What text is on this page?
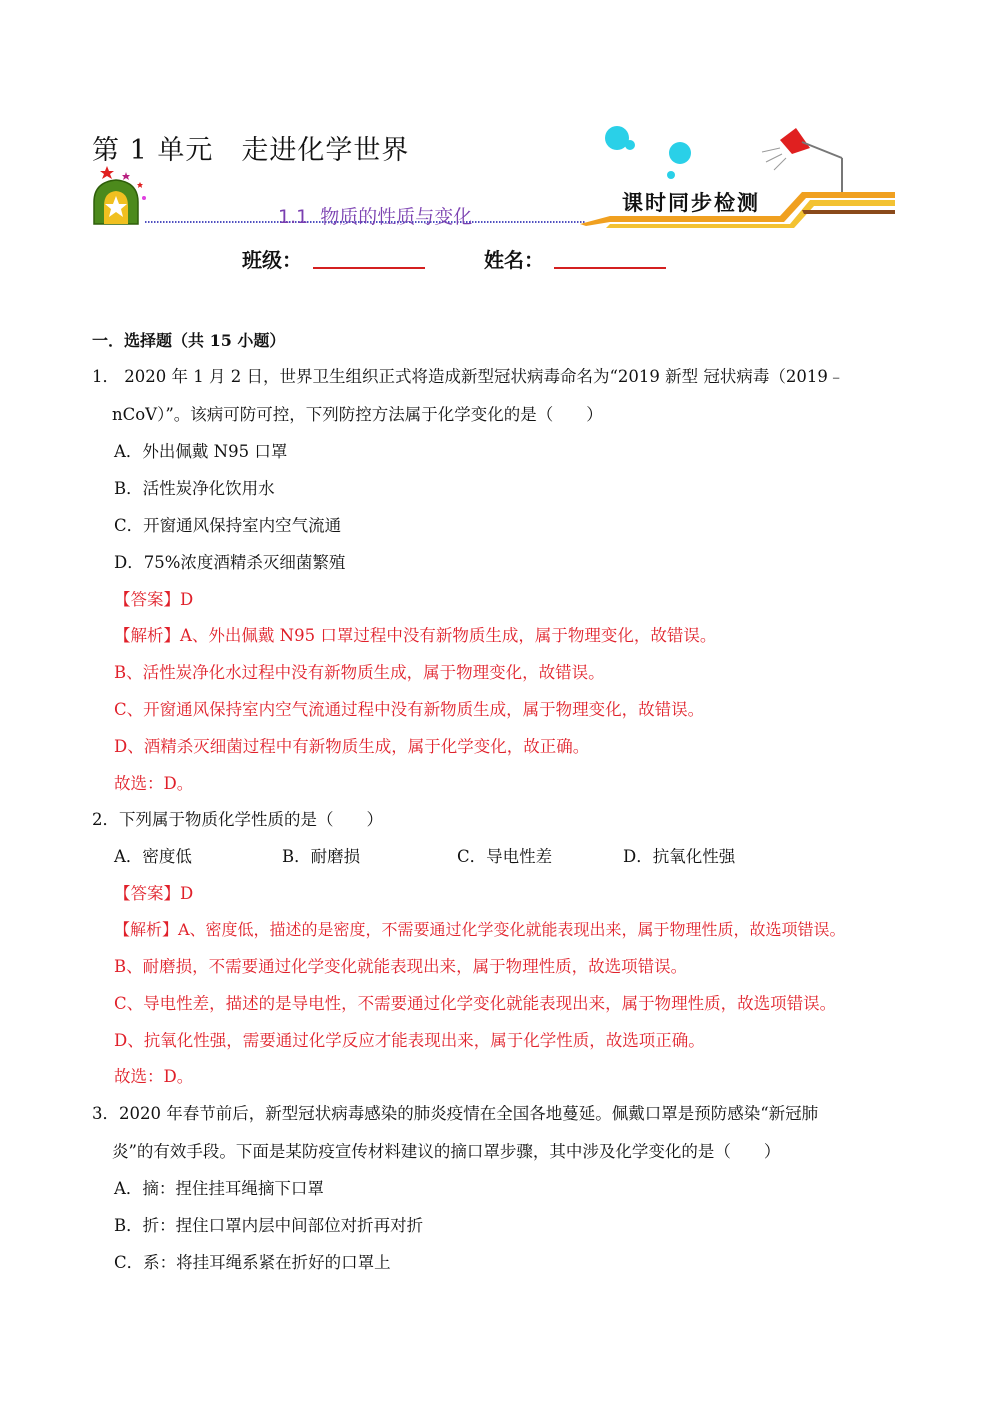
第 1 单元　走进化学世界
1.1  物质的性质与变化
课时同步检测
班级：	姓名：
一．选择题（共 15 小题）
1． 2020 年 1 月 2 日，世界卫生组织正式将造成新型冠状病毒命名为“2019 新型 冠状病毒（2019﹣
nCoV）”。该病可防可控，下列防控方法属于化学变化的是（　　）
A．外出佩戴 N95 口罩
B．活性炭净化饮用水
C．开窗通风保持室内空气流通
D．75%浓度酒精杀灭细菌繁殖
【答案】D
【解析】A、外出佩戴 N95 口罩过程中没有新物质生成，属于物理变化，故错误。
B、活性炭净化水过程中没有新物质生成，属于物理变化，故错误。
C、开窗通风保持室内空气流通过程中没有新物质生成，属于物理变化，故错误。
D、酒精杀灭细菌过程中有新物质生成，属于化学变化，故正确。
故选：D。
2．下列属于物质化学性质的是（　　）
A．密度低	B．耐磨损	C．导电性差	D．抗氧化性强
【答案】D
【解析】A、密度低，描述的是密度，不需要通过化学变化就能表现出来，属于物理性质，故选项错误。
B、耐磨损，不需要通过化学变化就能表现出来，属于物理性质，故选项错误。
C、导电性差，描述的是导电性，不需要通过化学变化就能表现出来，属于物理性质，故选项错误。
D、抗氧化性强，需要通过化学反应才能表现出来，属于化学性质，故选项正确。
故选：D。
3．2020 年春节前后，新型冠状病毒感染的肺炎疫情在全国各地蔓延。佩戴口罩是预防感染“新冠肺
炎”的有效手段。下面是某防疫宣传材料建议的摘口罩步骤，其中涉及化学变化的是（　　）
A．摘：捏住挂耳绳摘下口罩
B．折：捏住口罩内层中间部位对折再对折
C．系：将挂耳绳系紧在折好的口罩上
